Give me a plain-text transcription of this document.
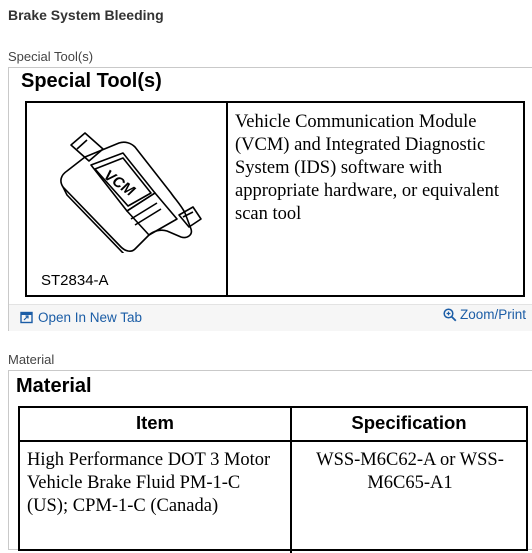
Brake System Bleeding
Special Tool(s)
Special Tool(s)
VCM
ST2834-A
Vehicle Communication Module (VCM) and Integrated Diagnostic System (IDS) software with appropriate hardware, or equivalent scan tool
Open In New Tab	Zoom/Print
Material
Material
Item	Specification
High Performance DOT 3 Motor Vehicle Brake Fluid PM-1-C (US); CPM-1-C (Canada)
WSS-M6C62-A or WSS-M6C65-A1
